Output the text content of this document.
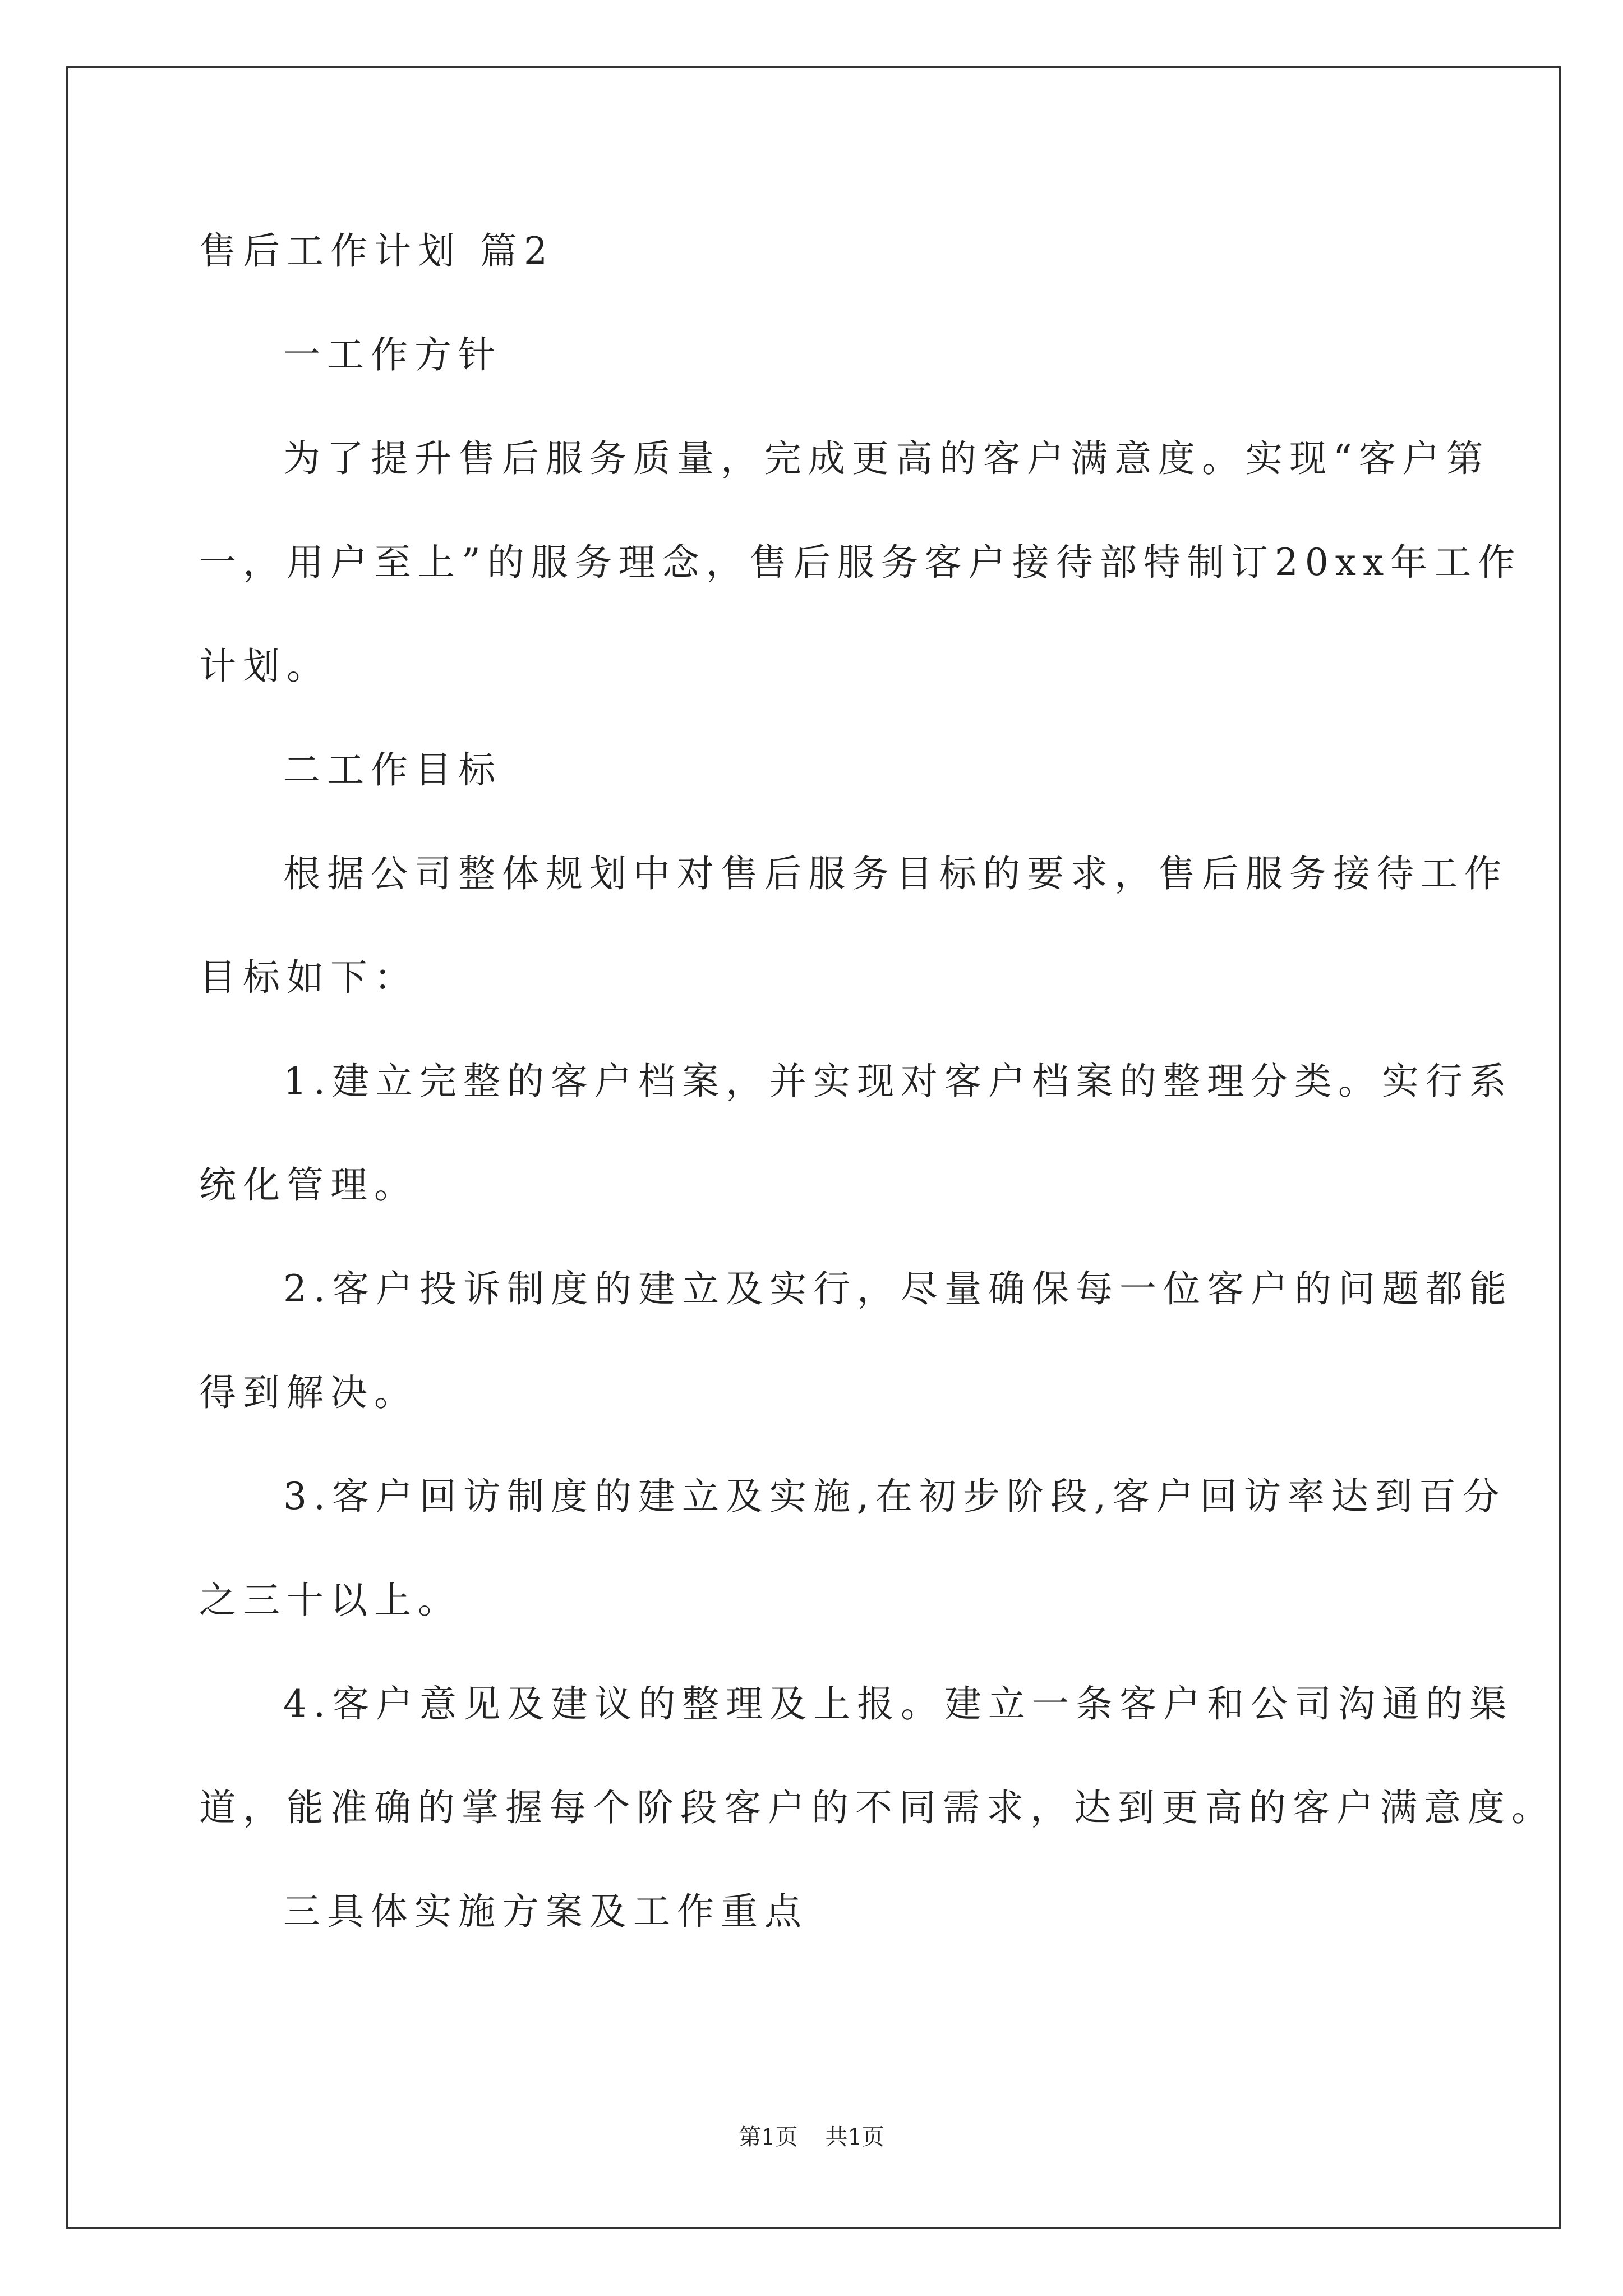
售后工作计划 篇2
一工作方针
为了提升售后服务质量，完成更高的客户满意度。实现“客户第
一，用户至上”的服务理念，售后服务客户接待部特制订20xx年工作
计划。
二工作目标
根据公司整体规划中对售后服务目标的要求，售后服务接待工作
目标如下：
1.建立完整的客户档案，并实现对客户档案的整理分类。实行系
统化管理。
2.客户投诉制度的建立及实行，尽量确保每一位客户的问题都能
得到解决。
3.客户回访制度的建立及实施,在初步阶段,客户回访率达到百分
之三十以上。
4.客户意见及建议的整理及上报。建立一条客户和公司沟通的渠
道，能准确的掌握每个阶段客户的不同需求，达到更高的客户满意度。
三具体实施方案及工作重点
第1页 共1页
